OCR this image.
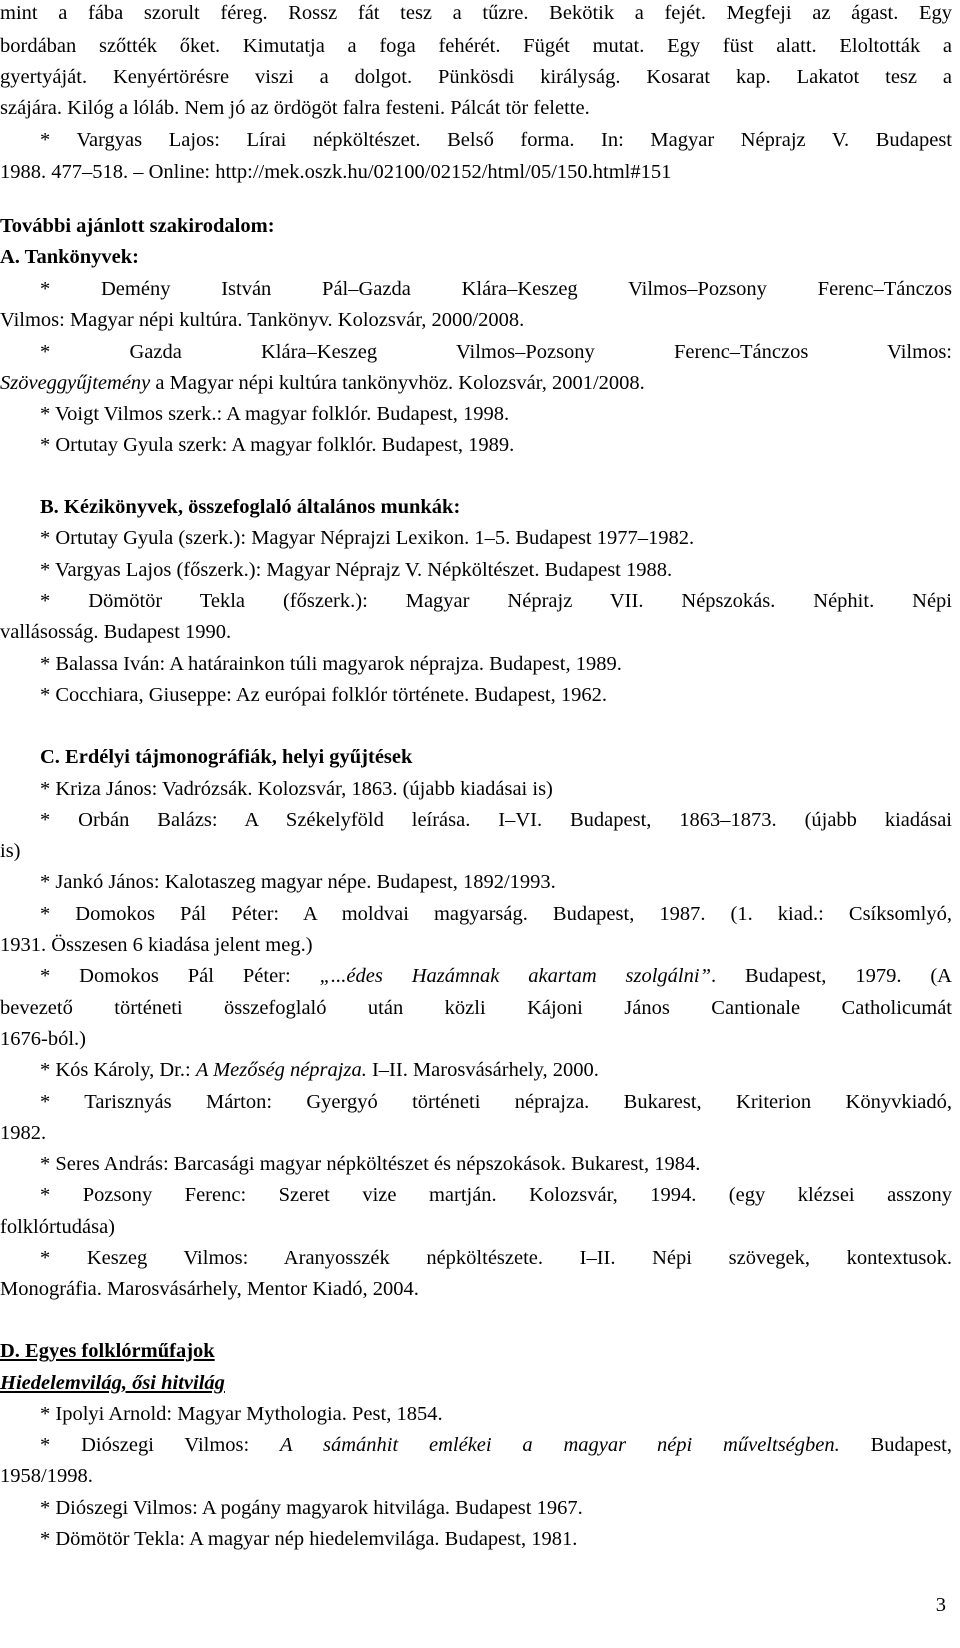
mint a fába szorult féreg. Rossz fát tesz a tűzre. Bekötik a fejét. Megfeji az ágast. Egy
bordában szőtték őket. Kimutatja a foga fehérét. Fügét mutat. Egy füst alatt. Eloltották a
gyertyáját. Kenyértörésre viszi a dolgot. Pünkösdi királyság. Kosarat kap. Lakatot tesz a
szájára. Kilóg a lóláb. Nem jó az ördögöt falra festeni. Pálcát tör felette.
* Vargyas Lajos: Lírai népköltészet. Belső forma. In: Magyar Néprajz V. Budapest
1988. 477‒518. ‒ Online: http://mek.oszk.hu/02100/02152/html/05/150.html#151
További ajánlott szakirodalom:
A. Tankönyvek:
* Demény István Pál‒Gazda Klára‒Keszeg Vilmos‒Pozsony Ferenc‒Tánczos
Vilmos: Magyar népi kultúra. Tankönyv. Kolozsvár, 2000/2008.
* Gazda Klára‒Keszeg Vilmos‒Pozsony Ferenc‒Tánczos Vilmos:
Szöveggyűjtemény a Magyar népi kultúra tankönyvhöz. Kolozsvár, 2001/2008.
* Voigt Vilmos szerk.: A magyar folklór. Budapest, 1998.
* Ortutay Gyula szerk: A magyar folklór. Budapest, 1989.
B. Kézikönyvek, összefoglaló általános munkák:
* Ortutay Gyula (szerk.): Magyar Néprajzi Lexikon. 1‒5. Budapest 1977‒1982.
* Vargyas Lajos (főszerk.): Magyar Néprajz V. Népköltészet. Budapest 1988.
* Dömötör Tekla (főszerk.): Magyar Néprajz VII. Népszokás. Néphit. Népi
vallásosság. Budapest 1990.
* Balassa Iván: A határainkon túli magyarok néprajza. Budapest, 1989.
* Cocchiara, Giuseppe: Az európai folklór története. Budapest, 1962.
C. Erdélyi tájmonográfiák, helyi gyűjtések
* Kriza János: Vadrózsák. Kolozsvár, 1863. (újabb kiadásai is)
* Orbán Balázs: A Székelyföld leírása. I‒VI. Budapest, 1863‒1873. (újabb kiadásai
is)
* Jankó János: Kalotaszeg magyar népe. Budapest, 1892/1993.
* Domokos Pál Péter: A moldvai magyarság. Budapest, 1987. (1. kiad.: Csíksomlyó,
1931. Összesen 6 kiadása jelent meg.)
* Domokos Pál Péter: „...édes Hazámnak akartam szolgálni”. Budapest, 1979. (A
bevezető történeti összefoglaló után közli Kájoni János Cantionale Catholicumát
1676-ból.)
* Kós Károly, Dr.: A Mezőség néprajza. I‒II. Marosvásárhely, 2000.
* Tarisznyás Márton: Gyergyó történeti néprajza. Bukarest, Kriterion Könyvkiadó,
1982.
* Seres András: Barcasági magyar népköltészet és népszokások. Bukarest, 1984.
* Pozsony Ferenc: Szeret vize martján. Kolozsvár, 1994. (egy klézsei asszony
folklórtudása)
* Keszeg Vilmos: Aranyosszék népköltészete. I‒II. Népi szövegek, kontextusok.
Monográfia. Marosvásárhely, Mentor Kiadó, 2004.
D. Egyes folklórműfajok
Hiedelemvilág, ősi hitvilág
* Ipolyi Arnold: Magyar Mythologia. Pest, 1854.
* Diószegi Vilmos: A sámánhit emlékei a magyar népi műveltségben. Budapest,
1958/1998.
* Diószegi Vilmos: A pogány magyarok hitvilága. Budapest 1967.
* Dömötör Tekla: A magyar nép hiedelemvilága. Budapest, 1981.
3
